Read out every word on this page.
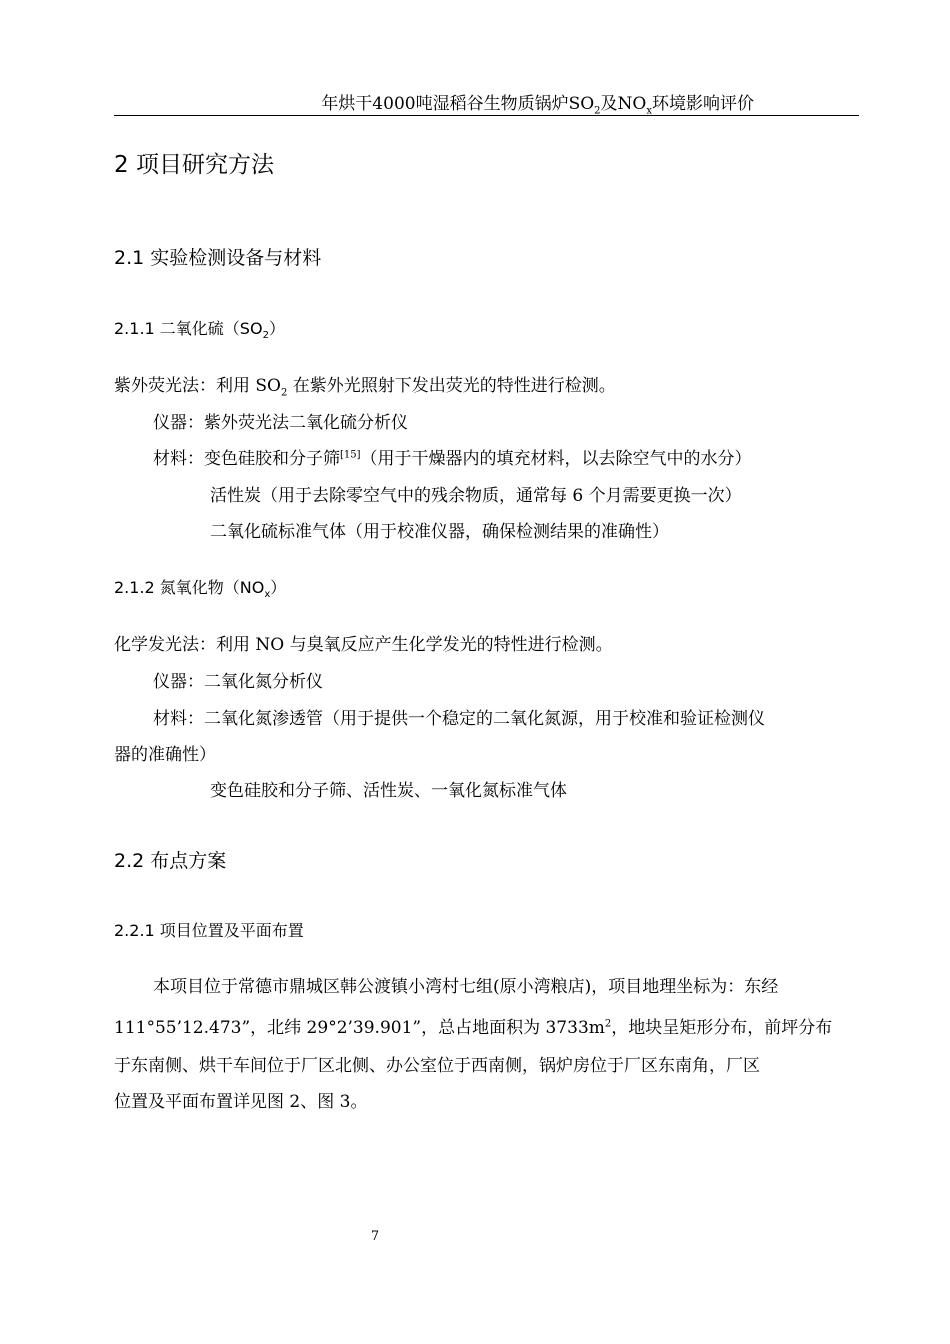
年烘干4000吨湿稻谷生物质锅炉$SO_2$及$NO_x$环境影响评价
2 项目研究方法
2.1 实验检测设备与材料
2.1.1 二氧化硫$(SO_2)$
紫外荧光法：利用 $SO_2$ 在紫外光照射下发出荧光的特性进行检测。
仪器：紫外荧光法二氧化硫分析仪
材料：变色硅胶和分子筛[15]（用于干燥器内的填充材料，以去除空气中的水分）
活性炭（用于去除零空气中的残余物质，通常每 6 个月需要更换一次）
二氧化硫标准气体（用于校准仪器，确保检测结果的准确性）
2.1.2 氮氧化物$(NO_x)$
化学发光法：利用 NO 与臭氧反应产生化学发光的特性进行检测。
仪器：二氧化氮分析仪
材料：二氧化氮渗透管（用于提供一个稳定的二氧化氮源，用于校准和验证检测仪
器的准确性）
变色硅胶和分子筛、活性炭、一氧化氮标准气体
2.2 布点方案
2.2.1 项目位置及平面布置
本项目位于常德市鼎城区韩公渡镇小湾村七组(原小湾粮店)，项目地理坐标为：东经
111°55’12.473”，北纬 29°2’39.901”，总占地面积为 $3733m^2$，地块呈矩形分布，前坪分布
于东南侧、烘干车间位于厂区北侧、办公室位于西南侧，锅炉房位于厂区东南角，厂区
位置及平面布置详见图 2、图 3。
7
